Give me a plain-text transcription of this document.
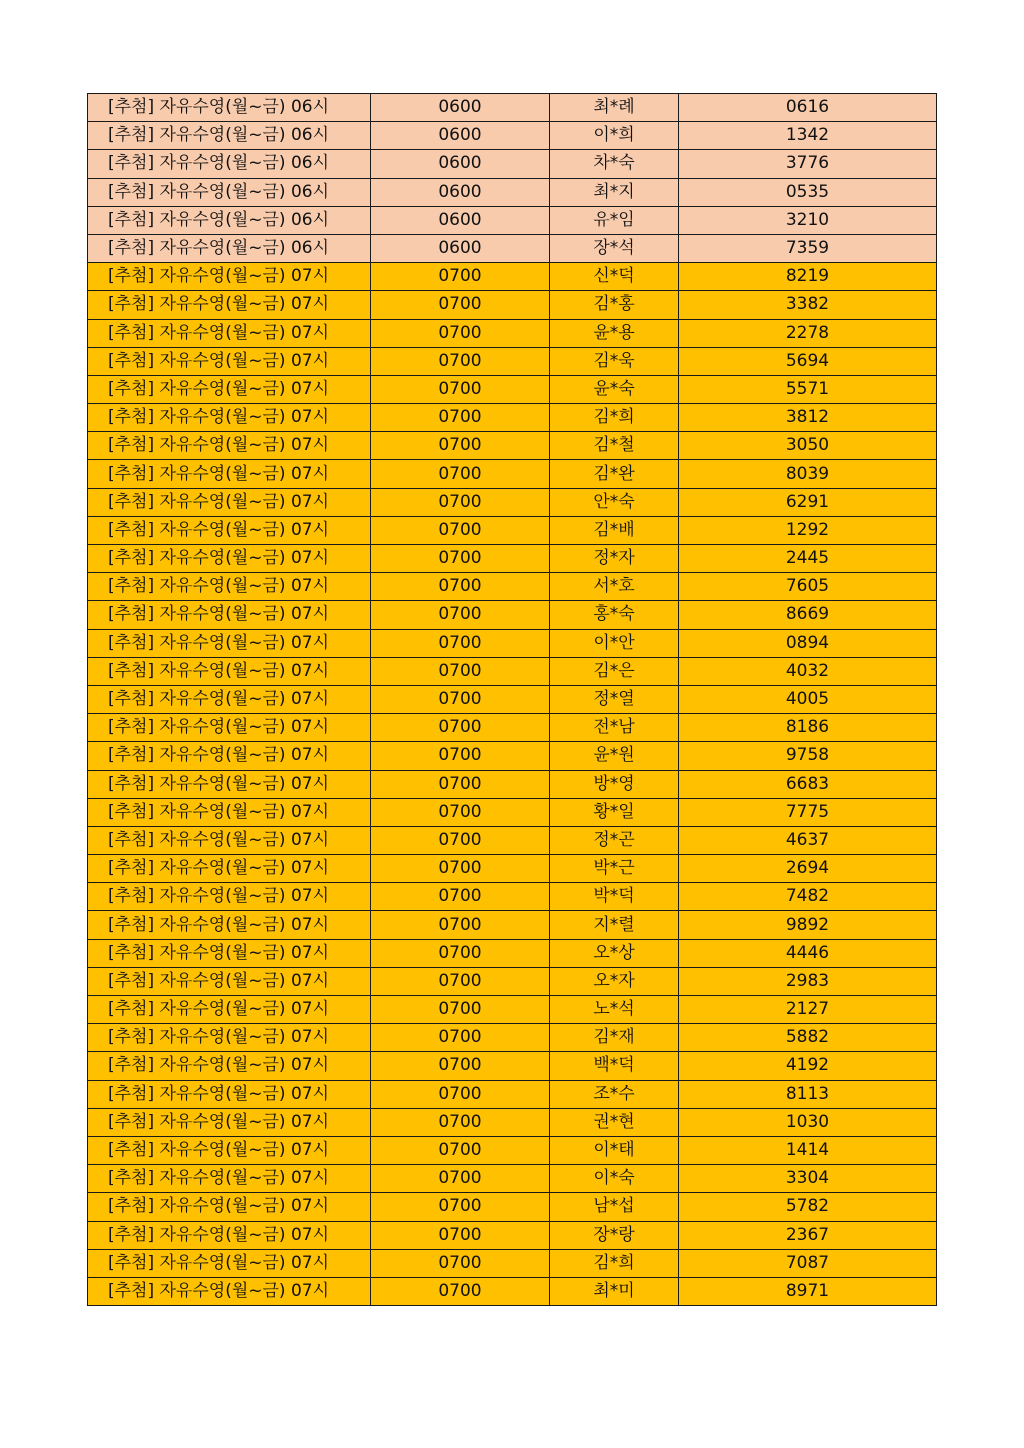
[추첨] 자유수영(월~금) 06시	0600	최*례	0616
[추첨] 자유수영(월~금) 06시	0600	이*희	1342
[추첨] 자유수영(월~금) 06시	0600	차*숙	3776
[추첨] 자유수영(월~금) 06시	0600	최*지	0535
[추첨] 자유수영(월~금) 06시	0600	유*임	3210
[추첨] 자유수영(월~금) 06시	0600	장*석	7359
[추첨] 자유수영(월~금) 07시	0700	신*덕	8219
[추첨] 자유수영(월~금) 07시	0700	김*홍	3382
[추첨] 자유수영(월~금) 07시	0700	윤*용	2278
[추첨] 자유수영(월~금) 07시	0700	김*욱	5694
[추첨] 자유수영(월~금) 07시	0700	윤*숙	5571
[추첨] 자유수영(월~금) 07시	0700	김*희	3812
[추첨] 자유수영(월~금) 07시	0700	김*철	3050
[추첨] 자유수영(월~금) 07시	0700	김*완	8039
[추첨] 자유수영(월~금) 07시	0700	안*숙	6291
[추첨] 자유수영(월~금) 07시	0700	김*배	1292
[추첨] 자유수영(월~금) 07시	0700	정*자	2445
[추첨] 자유수영(월~금) 07시	0700	서*호	7605
[추첨] 자유수영(월~금) 07시	0700	홍*숙	8669
[추첨] 자유수영(월~금) 07시	0700	이*안	0894
[추첨] 자유수영(월~금) 07시	0700	김*은	4032
[추첨] 자유수영(월~금) 07시	0700	정*열	4005
[추첨] 자유수영(월~금) 07시	0700	전*남	8186
[추첨] 자유수영(월~금) 07시	0700	윤*원	9758
[추첨] 자유수영(월~금) 07시	0700	방*영	6683
[추첨] 자유수영(월~금) 07시	0700	황*일	7775
[추첨] 자유수영(월~금) 07시	0700	정*곤	4637
[추첨] 자유수영(월~금) 07시	0700	박*근	2694
[추첨] 자유수영(월~금) 07시	0700	박*덕	7482
[추첨] 자유수영(월~금) 07시	0700	지*렬	9892
[추첨] 자유수영(월~금) 07시	0700	오*상	4446
[추첨] 자유수영(월~금) 07시	0700	오*자	2983
[추첨] 자유수영(월~금) 07시	0700	노*석	2127
[추첨] 자유수영(월~금) 07시	0700	김*재	5882
[추첨] 자유수영(월~금) 07시	0700	백*덕	4192
[추첨] 자유수영(월~금) 07시	0700	조*수	8113
[추첨] 자유수영(월~금) 07시	0700	권*현	1030
[추첨] 자유수영(월~금) 07시	0700	이*태	1414
[추첨] 자유수영(월~금) 07시	0700	이*숙	3304
[추첨] 자유수영(월~금) 07시	0700	남*섭	5782
[추첨] 자유수영(월~금) 07시	0700	장*랑	2367
[추첨] 자유수영(월~금) 07시	0700	김*희	7087
[추첨] 자유수영(월~금) 07시	0700	최*미	8971
